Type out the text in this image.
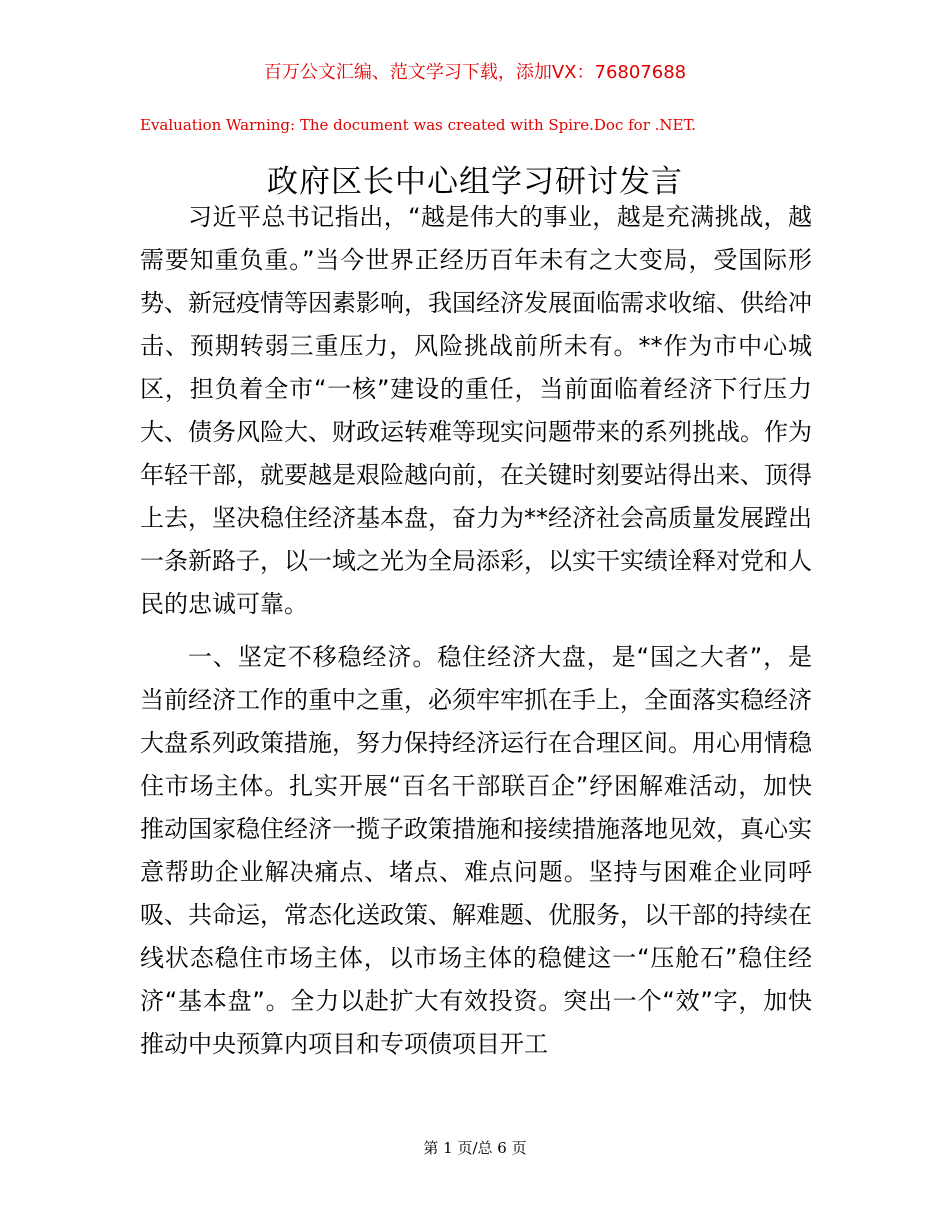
百万公文汇编、范文学习下载，添加VX：76807688
Evaluation Warning: The document was created with Spire.Doc for .NET.
政府区长中心组学习研讨发言

习近平总书记指出，“越是伟大的事业，越是充满挑战，越需要知重负重。”当今世界正经历百年未有之大变局，受国际形势、新冠疫情等因素影响，我国经济发展面临需求收缩、供给冲击、预期转弱三重压力，风险挑战前所未有。**作为市中心城区，担负着全市“一核”建设的重任，当前面临着经济下行压力大、债务风险大、财政运转难等现实问题带来的系列挑战。作为年轻干部，就要越是艰险越向前，在关键时刻要站得出来、顶得上去，坚决稳住经济基本盘，奋力为**经济社会高质量发展蹚出一条新路子，以一域之光为全局添彩，以实干实绩诠释对党和人民的忠诚可靠。

一、坚定不移稳经济。稳住经济大盘，是“国之大者”，是当前经济工作的重中之重，必须牢牢抓在手上，全面落实稳经济大盘系列政策措施，努力保持经济运行在合理区间。用心用情稳住市场主体。扎实开展“百名干部联百企”纾困解难活动，加快推动国家稳住经济一揽子政策措施和接续措施落地见效，真心实意帮助企业解决痛点、堵点、难点问题。坚持与困难企业同呼吸、共命运，常态化送政策、解难题、优服务，以干部的持续在线状态稳住市场主体，以市场主体的稳健这一“压舱石”稳住经济“基本盘”。全力以赴扩大有效投资。突出一个“效”字，加快推动中央预算内项目和专项债项目开工

第 1 页/总 6 页
